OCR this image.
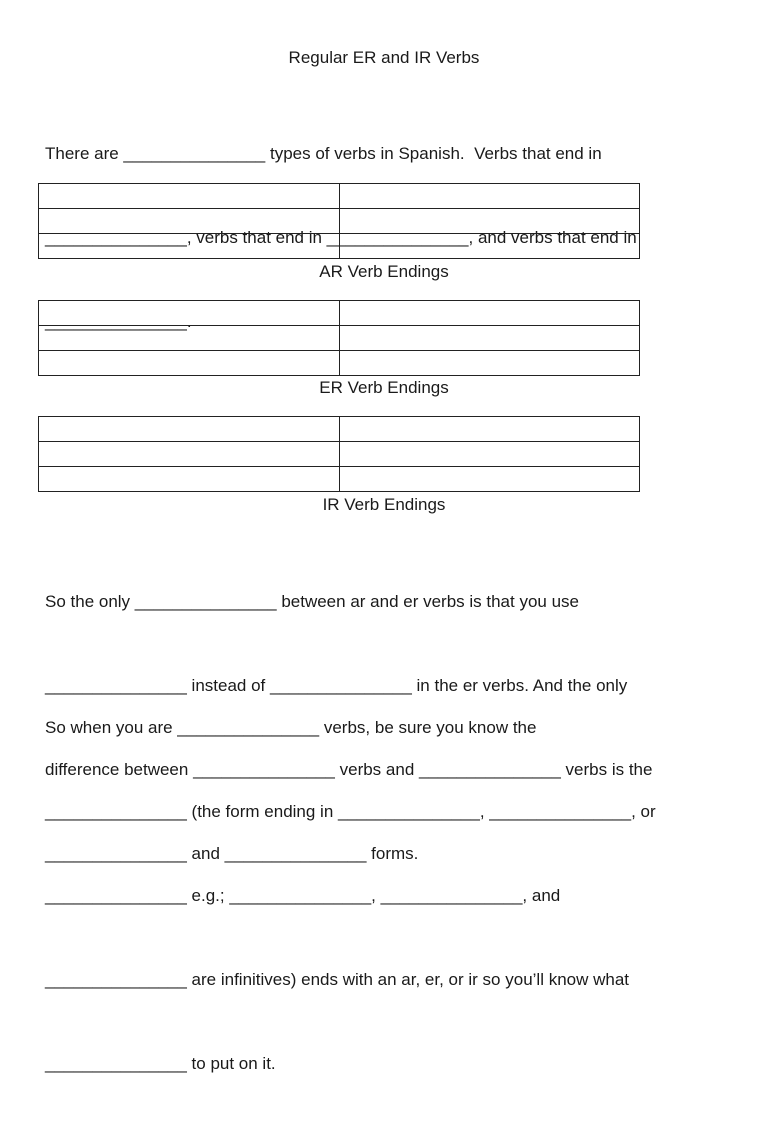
Regular ER and IR Verbs

There are _______________ types of verbs in Spanish.  Verbs that end in

_______________, verbs that end in _______________, and verbs that end in

_______________.

AR Verb Endings

ER Verb Endings

IR Verb Endings

So the only _______________ between ar and er verbs is that you use

_______________ instead of _______________ in the er verbs. And the only

difference between _______________ verbs and _______________ verbs is the

_______________ and _______________ forms.

So when you are _______________ verbs, be sure you know the

_______________ (the form ending in _______________, _______________, or

_______________ e.g.; _______________, _______________, and

_______________ are infinitives) ends with an ar, er, or ir so you’ll know what

_______________ to put on it.
